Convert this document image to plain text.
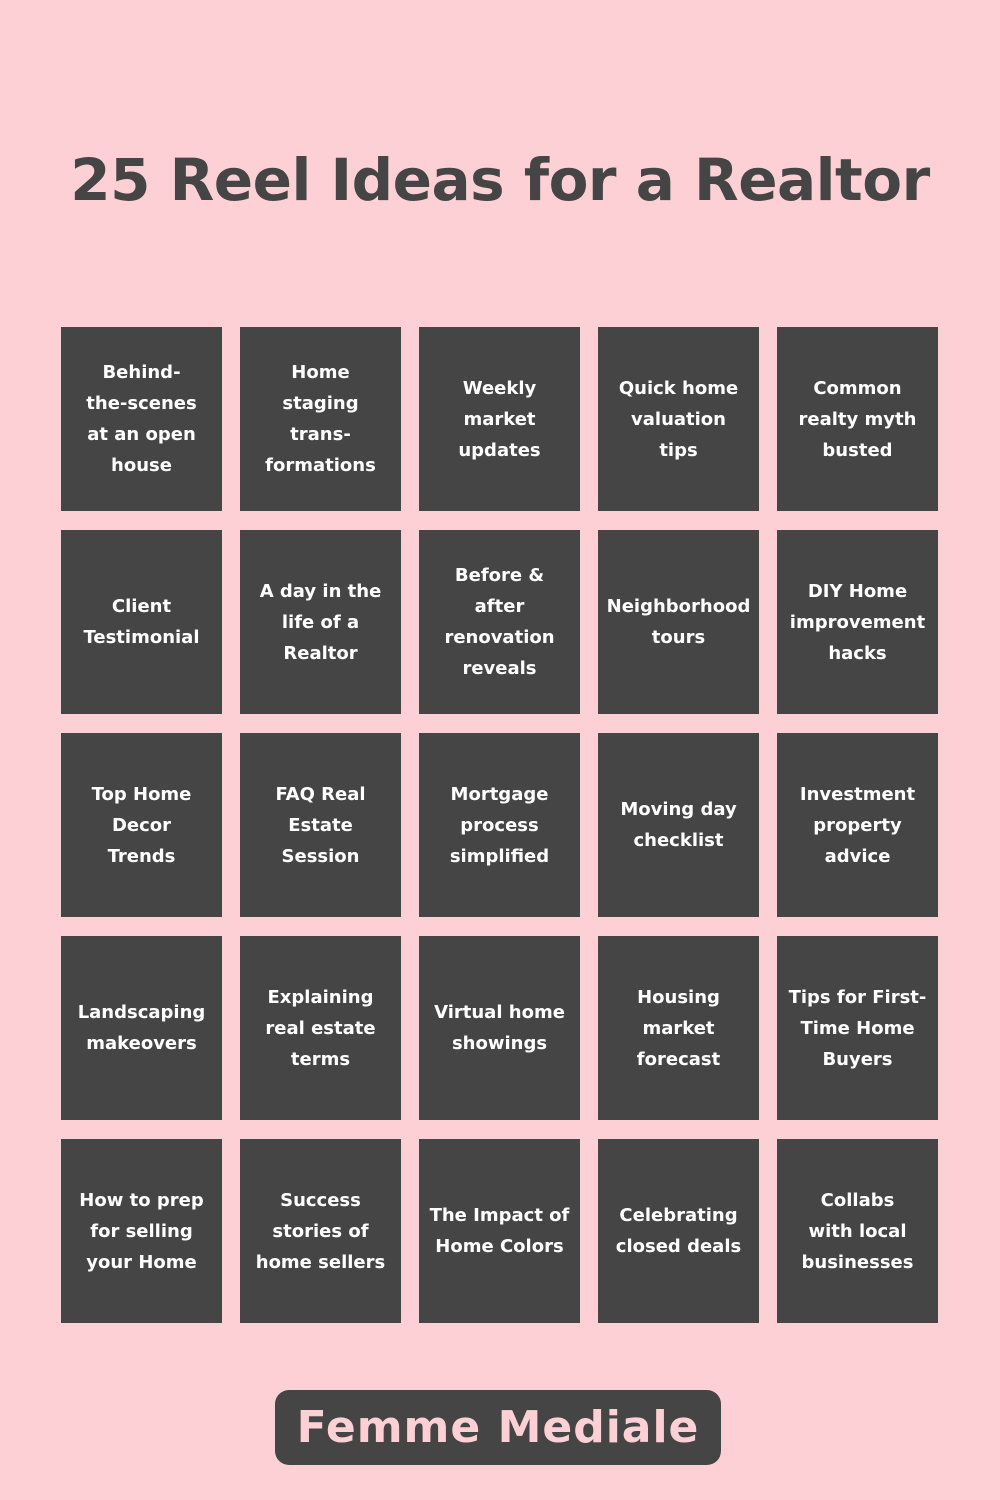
25 Reel Ideas for a Realtor
Behind-
the-scenes
at an open
house
Home
staging
trans-
formations
Weekly
market
updates
Quick home
valuation
tips
Common
realty myth
busted
Client
Testimonial
A day in the
life of a
Realtor
Before & after
renovation
reveals
Neighborhood
tours
DIY Home
improvement
hacks
Top Home
Decor
Trends
FAQ Real
Estate Session
Mortgage
process
simplified
Moving day
checklist
Investment
property
advice
Landscaping
makeovers
Explaining
real estate
terms
Virtual home
showings
Housing
market
forecast
Tips for First-
Time Home
Buyers
How to prep
for selling
your Home
Success
stories of
home sellers
The Impact of
Home Colors
Celebrating
closed deals
Collabs
with local
businesses
Femme Mediale
